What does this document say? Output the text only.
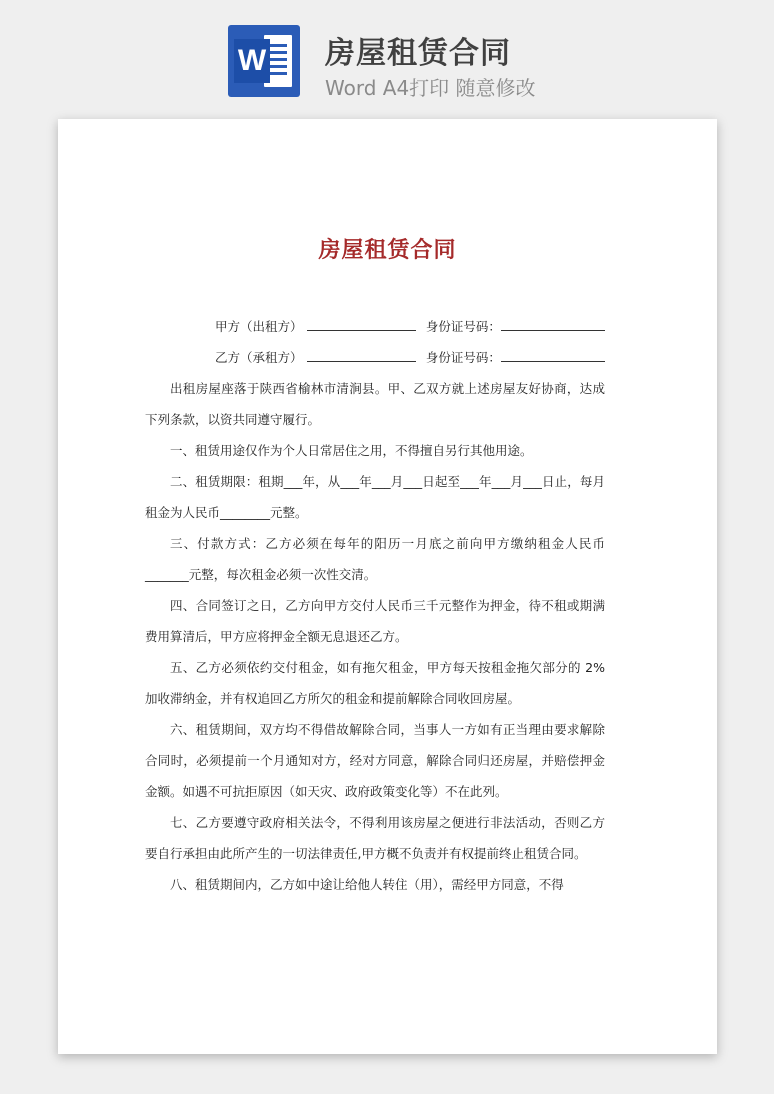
W 房屋租赁合同
Word A4打印 随意修改
房屋租赁合同
甲方（出租方）	身份证号码：
乙方（承租方）	身份证号码：

出租房屋座落于陕西省榆林市清涧县。甲、乙双方就上述房屋友好协商，达成下列条款，以资共同遵守履行。

一、租赁用途仅作为个人日常居住之用，不得擅自另行其他用途。

二、租赁期限：租期___年，从___年___月___日起至___年___月___日止，每月租金为人民币________元整。

三、付款方式：乙方必须在每年的阳历一月底之前向甲方缴纳租金人民币_______元整，每次租金必须一次性交清。

四、合同签订之日，乙方向甲方交付人民币三千元整作为押金，待不租或期满费用算清后，甲方应将押金全额无息退还乙方。

五、乙方必须依约交付租金，如有拖欠租金，甲方每天按租金拖欠部分的 2%加收滞纳金，并有权追回乙方所欠的租金和提前解除合同收回房屋。

六、租赁期间，双方均不得借故解除合同，当事人一方如有正当理由要求解除合同时，必须提前一个月通知对方，经对方同意，解除合同归还房屋，并赔偿押金金额。如遇不可抗拒原因（如天灾、政府政策变化等）不在此列。

七、乙方要遵守政府相关法令，不得利用该房屋之便进行非法活动，否则乙方要自行承担由此所产生的一切法律责任,甲方概不负责并有权提前终止租赁合同。

八、租赁期间内，乙方如中途让给他人转住（用），需经甲方同意，不得
